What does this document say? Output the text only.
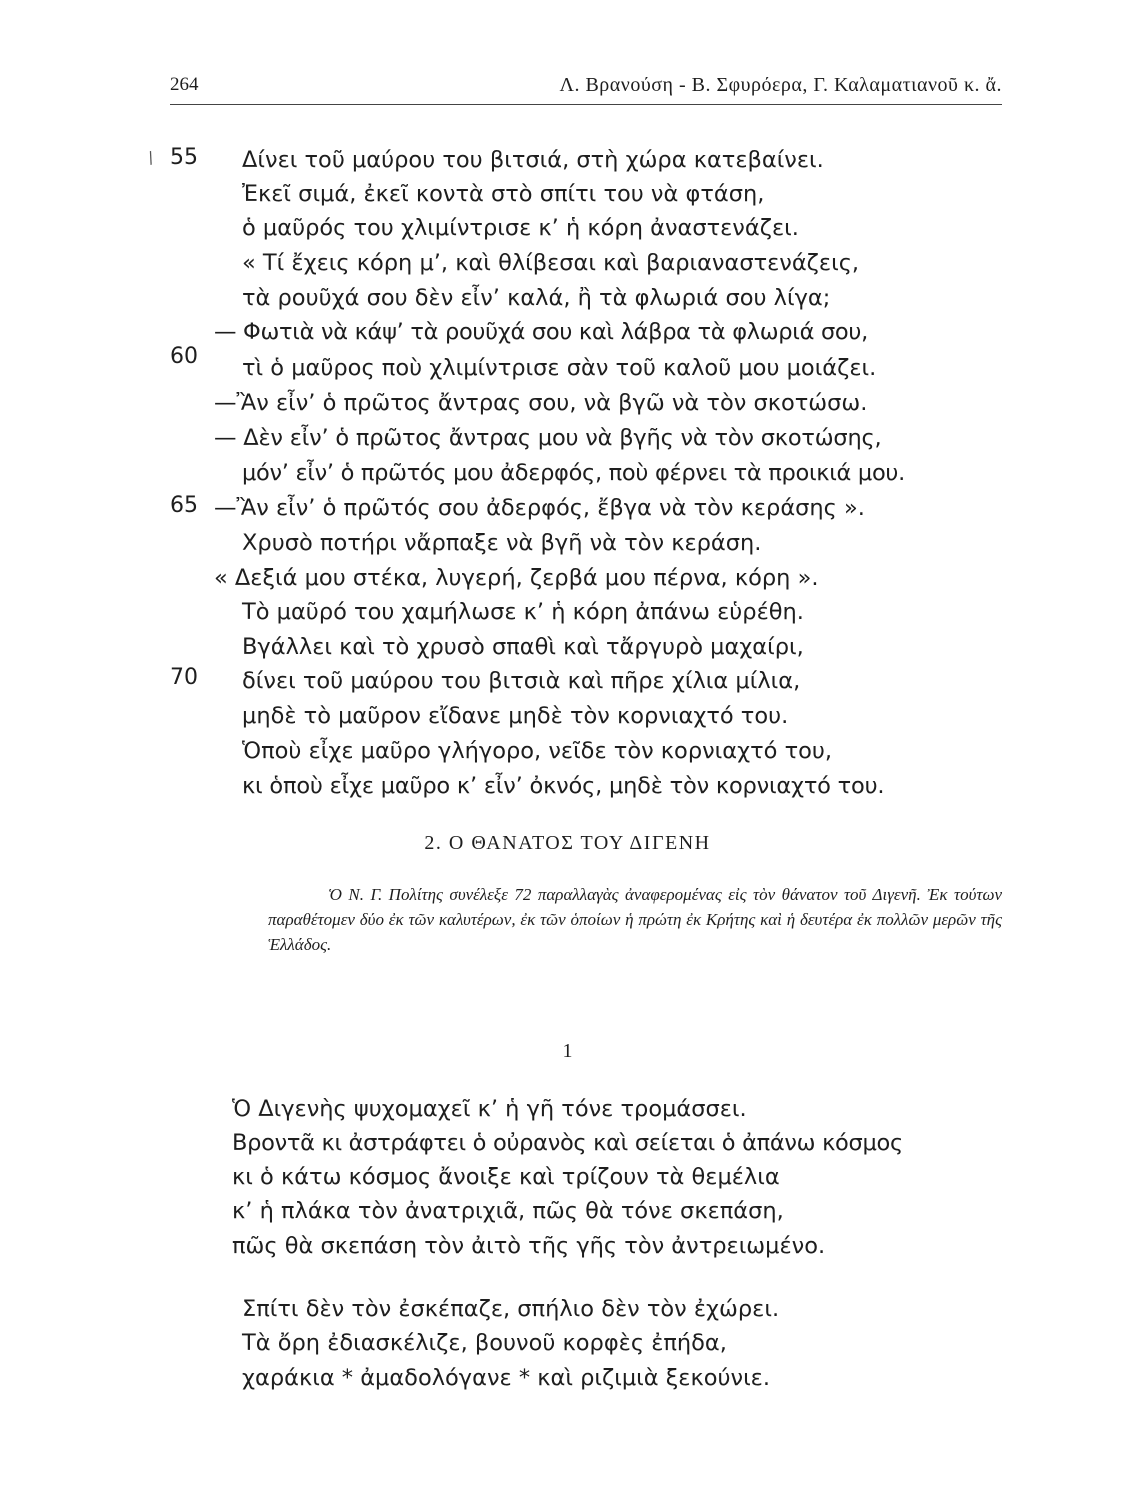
264	Λ. Βρανούση - Β. Σφυρόερα, Γ. Καλαματιανοῦ κ. ἄ.
/ 55
60
65
70
Δίνει τοῦ μαύρου του βιτσιά, στὴ χώρα κατεβαίνει.
Ἐκεῖ σιμά, ἐκεῖ κοντὰ στὸ σπίτι του νὰ φτάση,
ὁ μαῦρός του χλιμίντρισε κ’ ἡ κόρη ἀναστενάζει.
« Τί ἔχεις κόρη μ’, καὶ θλίβεσαι καὶ βαριαναστενάζεις,
τὰ ρουῦχά σου δὲν εἶν’ καλά, ἢ τὰ φλωριά σου λίγα;
— Φωτιὰ νὰ κάψ’ τὰ ρουῦχά σου καὶ λάβρα τὰ φλωριά σου,
τὶ ὁ μαῦρος ποὺ χλιμίντρισε σὰν τοῦ καλοῦ μου μοιάζει.
—Ἂν εἶν’ ὁ πρῶτος ἄντρας σου, νὰ βγῶ νὰ τὸν σκοτώσω.
— Δὲν εἶν’ ὁ πρῶτος ἄντρας μου νὰ βγῆς νὰ τὸν σκοτώσης,
μόν’ εἶν’ ὁ πρῶτός μου ἀδερφός, ποὺ φέρνει τὰ προικιά μου.
—Ἂν εἶν’ ὁ πρῶτός σου ἀδερφός, ἔβγα νὰ τὸν κεράσης ».
Χρυσὸ ποτήρι νἄρπαξε νὰ βγῆ νὰ τὸν κεράση.
« Δεξιά μου στέκα, λυγερή, ζερβά μου πέρνα, κόρη ».
Τὸ μαῦρό του χαμήλωσε κ’ ἡ κόρη ἀπάνω εὑρέθη.
Βγάλλει καὶ τὸ χρυσὸ σπαθὶ καὶ τἄργυρὸ μαχαίρι,
δίνει τοῦ μαύρου του βιτσιὰ καὶ πῆρε χίλια μίλια,
μηδὲ τὸ μαῦρον εἴδανε μηδὲ τὸν κορνιαχτό του.
Ὁποὺ εἶχε μαῦρο γλήγορο, νεῖδε τὸν κορνιαχτό του,
κι ὁποὺ εἶχε μαῦρο κ’ εἶν’ ὀκνός, μηδὲ τὸν κορνιαχτό του.
2. Ο ΘΑΝΑΤΟΣ ΤΟΥ ΔΙΓΕΝΗ
Ὁ Ν. Γ. Πολίτης συνέλεξε 72 παραλλαγὰς ἀναφερομένας εἰς τὸν θάνατον τοῦ Διγενῆ. Ἐκ τούτων παραθέτομεν δύο ἐκ τῶν καλυτέρων, ἐκ τῶν ὁποίων ἡ πρώτη ἐκ Κρήτης καὶ ἡ δευτέρα ἐκ πολλῶν μερῶν τῆς Ἑλλάδος.
1
Ὁ Διγενὴς ψυχομαχεῖ κ’ ἡ γῆ τόνε τρομάσσει.
Βροντᾶ κι ἀστράφτει ὁ οὐρανὸς καὶ σείεται ὁ ἀπάνω κόσμος
κι ὁ κάτω κόσμος ἄνοιξε καὶ τρίζουν τὰ θεμέλια
κ’ ἡ πλάκα τὸν ἀνατριχιᾶ, πῶς θὰ τόνε σκεπάση,
πῶς θὰ σκεπάση τὸν ἀιτὸ τῆς γῆς τὸν ἀντρειωμένο.
Σπίτι δὲν τὸν ἐσκέπαζε, σπήλιο δὲν τὸν ἐχώρει.
Τὰ ὄρη ἐδιασκέλιζε, βουνοῦ κορφὲς ἐπήδα,
χαράκια * ἀμαδολόγανε * καὶ ριζιμιὰ ξεκούνιε.
